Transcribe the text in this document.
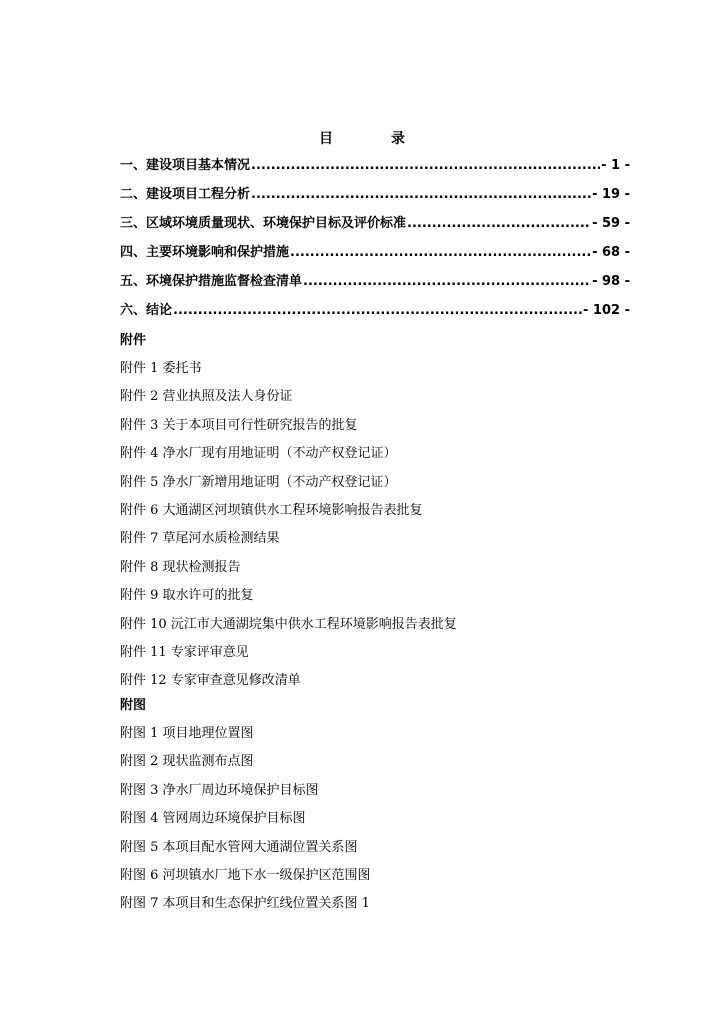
目　录
一、建设项目基本情况 .....	- 1 -
二、建设项目工程分析 .....	- 19 -
三、区域环境质量现状、环境保护目标及评价标准 .....	- 59 -
四、主要环境影响和保护措施 .....	- 68 -
五、环境保护措施监督检查清单 .....	- 98 -
六、结论 .....	- 102 -
附件
附件 1 委托书
附件 2 营业执照及法人身份证
附件 3 关于本项目可行性研究报告的批复
附件 4 净水厂现有用地证明（不动产权登记证）
附件 5 净水厂新增用地证明（不动产权登记证）
附件 6 大通湖区河坝镇供水工程环境影响报告表批复
附件 7 草尾河水质检测结果
附件 8 现状检测报告
附件 9 取水许可的批复
附件 10 沅江市大通湖垸集中供水工程环境影响报告表批复
附件 11 专家评审意见
附件 12 专家审查意见修改清单
附图
附图 1 项目地理位置图
附图 2 现状监测布点图
附图 3 净水厂周边环境保护目标图
附图 4 管网周边环境保护目标图
附图 5 本项目配水管网大通湖位置关系图
附图 6 河坝镇水厂地下水一级保护区范围图
附图 7 本项目和生态保护红线位置关系图 1
